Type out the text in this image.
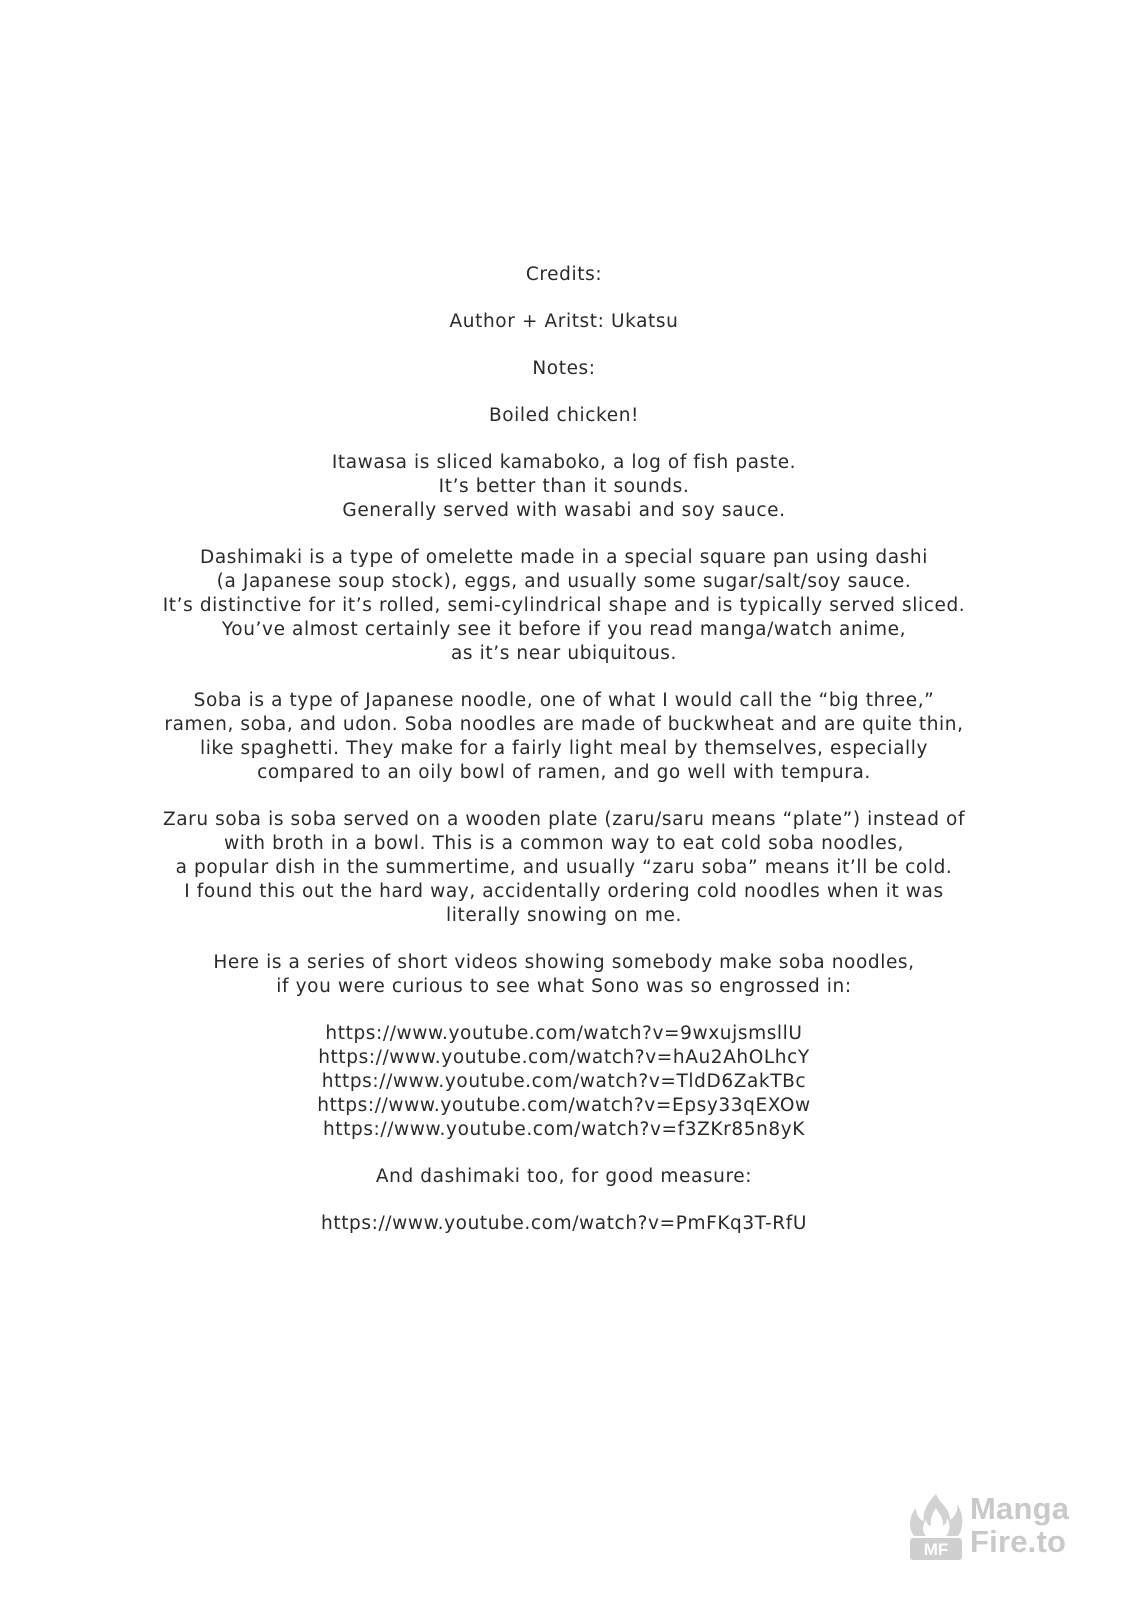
Credits:
Author + Aritst: Ukatsu
Notes:
Boiled chicken!
Itawasa is sliced kamaboko, a log of fish paste.
It’s better than it sounds.
Generally served with wasabi and soy sauce.
Dashimaki is a type of omelette made in a special square pan using dashi
(a Japanese soup stock), eggs, and usually some sugar/salt/soy sauce.
It’s distinctive for it’s rolled, semi-cylindrical shape and is typically served sliced.
You’ve almost certainly see it before if you read manga/watch anime,
as it’s near ubiquitous.
Soba is a type of Japanese noodle, one of what I would call the “big three,”
ramen, soba, and udon. Soba noodles are made of buckwheat and are quite thin,
like spaghetti. They make for a fairly light meal by themselves, especially
compared to an oily bowl of ramen, and go well with tempura.
Zaru soba is soba served on a wooden plate (zaru/saru means “plate”) instead of
with broth in a bowl. This is a common way to eat cold soba noodles,
a popular dish in the summertime, and usually “zaru soba” means it’ll be cold.
I found this out the hard way, accidentally ordering cold noodles when it was
literally snowing on me.
Here is a series of short videos showing somebody make soba noodles,
if you were curious to see what Sono was so engrossed in:
https://www.youtube.com/watch?v=9wxujsmsllU
https://www.youtube.com/watch?v=hAu2AhOLhcY
https://www.youtube.com/watch?v=TldD6ZakTBc
https://www.youtube.com/watch?v=Epsy33qEXOw
https://www.youtube.com/watch?v=f3ZKr85n8yK
And dashimaki too, for good measure:
https://www.youtube.com/watch?v=PmFKq3T-RfU
MF
Manga
Fire.to
